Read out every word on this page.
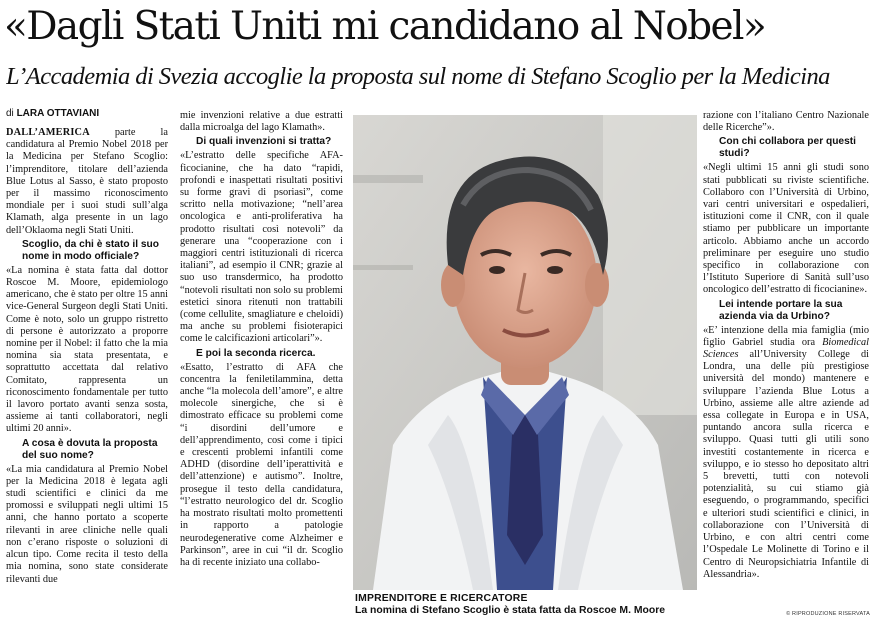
«Dagli Stati Uniti mi candidano al Nobel»
L’Accademia di Svezia accoglie la proposta sul nome di Stefano Scoglio per la Medicina
di LARA OTTAVIANI

DALL’AMERICA parte la candidatura al Premio Nobel 2018 per la Medicina per Stefano Scoglio: l’imprenditore, titolare dell’azienda Blue Lotus al Sasso, è stato proposto per il massimo riconoscimento mondiale per i suoi studi sull’alga Klamath, alga presente in un lago dell’Oklaoma negli Stati Uniti.

Scoglio, da chi è stato il suo nome in modo officiale?

«La nomina è stata fatta dal dottor Roscoe M. Moore, epidemiologo americano, che è stato per oltre 15 anni vice-General Surgeon degli Stati Uniti. Come è noto, solo un gruppo ristretto di persone è autorizzato a proporre nomine per il Nobel: il fatto che la mia nomina sia stata presentata, e soprattutto accettata dal relativo Comitato, rappresenta un riconoscimento fondamentale per tutto il lavoro portato avanti senza sosta, assieme ai tanti collaboratori, negli ultimi 20 anni».

A cosa è dovuta la proposta del suo nome?

«La mia candidatura al Premio Nobel per la Medicina 2018 è legata agli studi scientifici e clinici da me promossi e sviluppati negli ultimi 15 anni, che hanno portato a scoperte rilevanti in aree cliniche nelle quali non c’erano risposte o soluzioni di alcun tipo. Come recita il testo della mia nomina, sono state considerate rilevanti due

mie invenzioni relative a due estratti dalla microalga del lago Klamath».

Di quali invenzioni si tratta?

«L’estratto delle specifiche AFA-ficocianine, che ha dato “rapidi, profondi e inaspettati risultati positivi su forme gravi di psoriasi”, come scritto nella motivazione; “nell’area oncologica e anti-proliferativa ha prodotto risultati così notevoli” da generare una “cooperazione con i maggiori centri istituzionali di ricerca italiani”, ad esempio il CNR; grazie al suo uso transdermico, ha prodotto “notevoli risultati non solo su problemi estetici sinora ritenuti non trattabili (come cellulite, smagliature e cheloidi) ma anche su problemi fisioterapici come le calcificazioni articolari”».

E poi la seconda ricerca.

«Esatto, l’estratto di AFA che concentra la feniletilammina, detta anche “la molecola dell’amore”, e altre molecole sinergiche, che si è dimostrato efficace su problemi come “i disordini dell’umore e dell’apprendimento, così come i tipici e crescenti problemi infantili come ADHD (disordine dell’iperattività e dell’attenzione) e autismo”. Inoltre, prosegue il testo della candidatura, “l’estratto neurologico del dr. Scoglio ha mostrato risultati molto promettenti in rapporto a patologie neurodegenerative come Alzheimer e Parkinson”, aree in cui “il dr. Scoglio ha di recente iniziato una collabo-

IMPRENDITORE E RICERCATORE
La nomina di Stefano Scoglio è stata fatta da Roscoe M. Moore

razione con l’italiano Centro Nazionale delle Ricerche”».

Con chi collabora per questi studi?

«Negli ultimi 15 anni gli studi sono stati pubblicati su riviste scientifiche. Collaboro con l’Università di Urbino, vari centri universitari e ospedalieri, istituzioni come il CNR, con il quale stiamo per pubblicare un importante articolo. Abbiamo anche un accordo preliminare per eseguire uno studio specifico in collaborazione con l’Istituto Superiore di Sanità sull’uso oncologico dell’estratto di ficocianine».

Lei intende portare la sua azienda via da Urbino?

«E’ intenzione della mia famiglia (mio figlio Gabriel studia ora Biomedical Sciences all’University College di Londra, una delle più prestigiose università del mondo) mantenere e sviluppare l’azienda Blue Lotus a Urbino, assieme alle altre aziende ad essa collegate in Europa e in USA, puntando ancora sulla ricerca e sviluppo. Quasi tutti gli utili sono investiti costantemente in ricerca e sviluppo, e io stesso ho depositato altri 5 brevetti, tutti con notevoli potenzialità, su cui stiamo già eseguendo, o programmando, specifici e ulteriori studi scientifici e clinici, in collaborazione con l’Università di Urbino, e con altri centri come l’Ospedale Le Molinette di Torino e il Centro di Neuropsichiatria Infantile di Alessandria».

© RIPRODUZIONE RISERVATA
